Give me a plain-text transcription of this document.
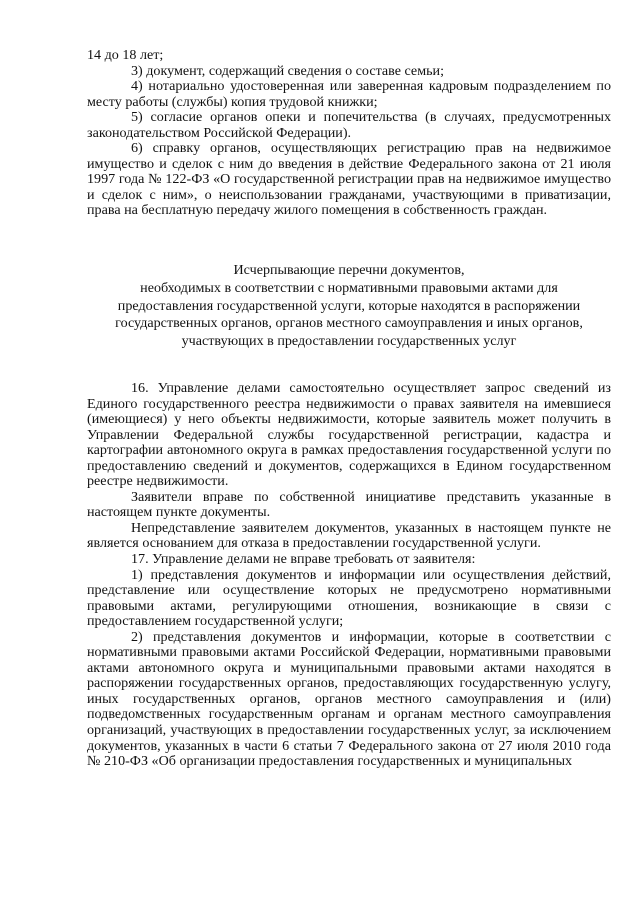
14 до 18 лет;

3) документ, содержащий сведения о составе семьи;

4) нотариально удостоверенная или заверенная кадровым подразделением по месту работы (службы) копия трудовой книжки;

5) согласие органов опеки и попечительства (в случаях, предусмотренных законодательством Российской Федерации).

6) справку органов, осуществляющих регистрацию прав на недвижимое имущество и сделок с ним до введения в действие Федерального закона от 21 июля 1997 года № 122-ФЗ «О государственной регистрации прав на недвижимое имущество и сделок с ним», о неиспользовании гражданами, участвующими в приватизации, права на бесплатную передачу жилого помещения в собственность граждан.

Исчерпывающие перечни документов,
необходимых в соответствии с нормативными правовыми актами для
предоставления государственной услуги, которые находятся в распоряжении
государственных органов, органов местного самоуправления и иных органов,
участвующих в предоставлении государственных услуг

16. Управление делами самостоятельно осуществляет запрос сведений из Единого государственного реестра недвижимости о правах заявителя на имевшиеся (имеющиеся) у него объекты недвижимости, которые заявитель может получить в Управлении Федеральной службы государственной регистрации, кадастра и картографии автономного округа в рамках предоставления государственной услуги по предоставлению сведений и документов, содержащихся в Едином государственном реестре недвижимости.

Заявители вправе по собственной инициативе представить указанные в настоящем пункте документы.

Непредставление заявителем документов, указанных в настоящем пункте не является основанием для отказа в предоставлении государственной услуги.

17. Управление делами не вправе требовать от заявителя:

1) представления документов и информации или осуществления действий, представление или осуществление которых не предусмотрено нормативными правовыми актами, регулирующими отношения, возникающие в связи с предоставлением государственной услуги;

2) представления документов и информации, которые в соответствии с нормативными правовыми актами Российской Федерации, нормативными правовыми актами автономного округа и муниципальными правовыми актами находятся в распоряжении государственных органов, предоставляющих государственную услугу, иных государственных органов, органов местного самоуправления и (или) подведомственных государственным органам и органам местного самоуправления организаций, участвующих в предоставлении государственных услуг, за исключением документов, указанных в части 6 статьи 7 Федерального закона от 27 июля 2010 года № 210-ФЗ «Об организации предоставления государственных и муниципальных
